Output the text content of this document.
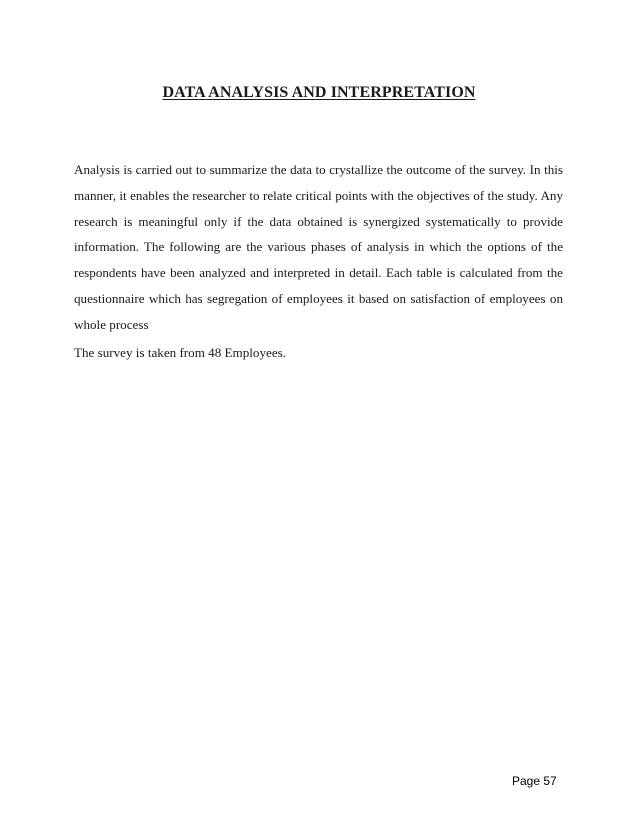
DATA ANALYSIS AND INTERPRETATION

Analysis is carried out to summarize the data to crystallize the outcome of the survey. In this manner, it enables the researcher to relate critical points with the objectives of the study. Any research is meaningful only if the data obtained is synergized systematically to provide information. The following are the various phases of analysis in which the options of the respondents have been analyzed and interpreted in detail. Each table is calculated from the questionnaire which has segregation of employees it based on satisfaction of employees on whole process

The survey is taken from 48 Employees.

Page 57
